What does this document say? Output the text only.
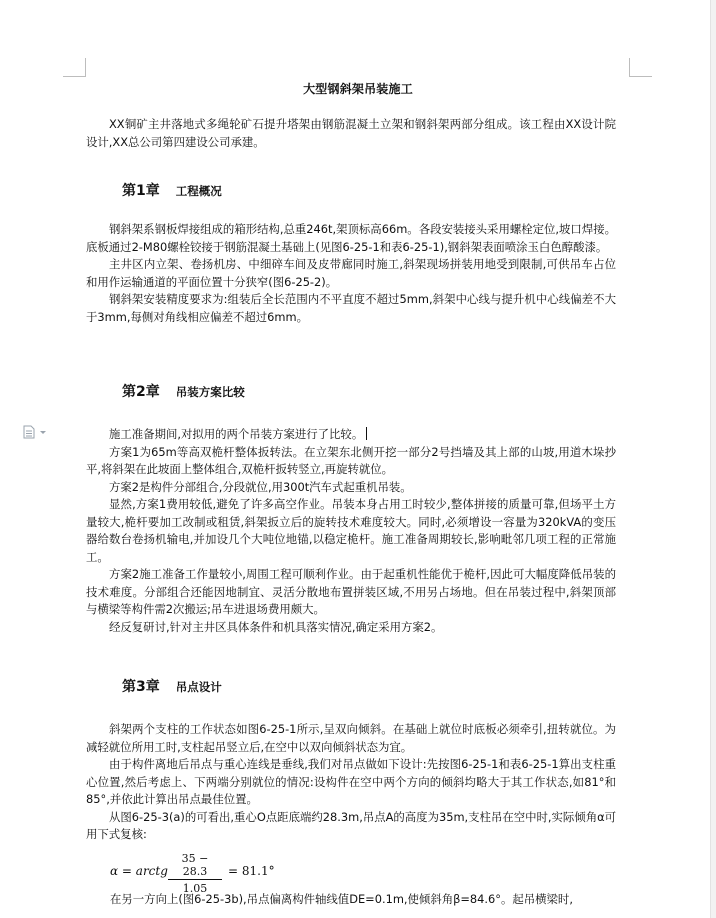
大型钢斜架吊装施工

XX铜矿主井落地式多绳轮矿石提升塔架由钢筋混凝土立架和钢斜架两部分组成。该工程由XX设计院设计,XX总公司第四建设公司承建。

第1章 工程概况

钢斜架系钢板焊接组成的箱形结构,总重246t,架顶标高66m。各段安装接头采用螺栓定位,坡口焊接。底板通过2-M80螺栓铰接于钢筋混凝土基础上(见图6-25-1和表6-25-1),钢斜架表面喷涂玉白色醇酸漆。

主井区内立架、卷扬机房、中细碎车间及皮带廊同时施工,斜架现场拼装用地受到限制,可供吊车占位和用作运输通道的平面位置十分狭窄(图6-25-2)。

钢斜架安装精度要求为:组装后全长范围内不平直度不超过5mm,斜架中心线与提升机中心线偏差不大于3mm,每侧对角线相应偏差不超过6mm。

第2章 吊装方案比较

施工准备期间,对拟用的两个吊装方案进行了比较。

方案1为65m等高双桅杆整体扳转法。在立架东北侧开挖一部分2号挡墙及其上部的山坡,用道木垛抄平,将斜架在此坡面上整体组合,双桅杆扳转竖立,再旋转就位。

方案2是构件分部组合,分段就位,用300t汽车式起重机吊装。

显然,方案1费用较低,避免了许多高空作业。吊装本身占用工时较少,整体拼接的质量可靠,但场平土方量较大,桅杆要加工改制或租赁,斜架扳立后的旋转技术难度较大。同时,必须增设一容量为320kVA的变压器给数台卷扬机输电,并加设几个大吨位地锚,以稳定桅杆。施工准备周期较长,影响毗邻几项工程的正常施工。

方案2施工准备工作量较小,周围工程可顺利作业。由于起重机性能优于桅杆,因此可大幅度降低吊装的技术难度。分部组合还能因地制宜、灵活分散地布置拼装区域,不用另占场地。但在吊装过程中,斜架顶部与横梁等构件需2次搬运;吊车进退场费用颇大。

经反复研讨,针对主井区具体条件和机具落实情况,确定采用方案2。

第3章 吊点设计

斜架两个支柱的工作状态如图6-25-1所示,呈双向倾斜。在基础上就位时底板必须牵引,扭转就位。为减轻就位所用工时,支柱起吊竖立后,在空中以双向倾斜状态为宜。

由于构件离地后吊点与重心连线是垂线,我们对吊点做如下设计:先按图6-25-1和表6-25-1算出支柱重心位置,然后考虑上、下两端分别就位的情况:设构件在空中两个方向的倾斜均略大于其工作状态,如81°和85°,并依此计算出吊点最佳位置。

从图6-25-3(a)的可看出,重心O点距底端约28.3m,吊点A的高度为35m,支柱吊在空中时,实际倾角α可用下式复核:

α = arctg $\frac{35 - 28.3}{1.05} = 81.1^\circ$
在另一方向上(图6-25-3b),吊点偏离构件轴线值DE=0.1m,使倾斜角β=84.6°。起吊横梁时,
